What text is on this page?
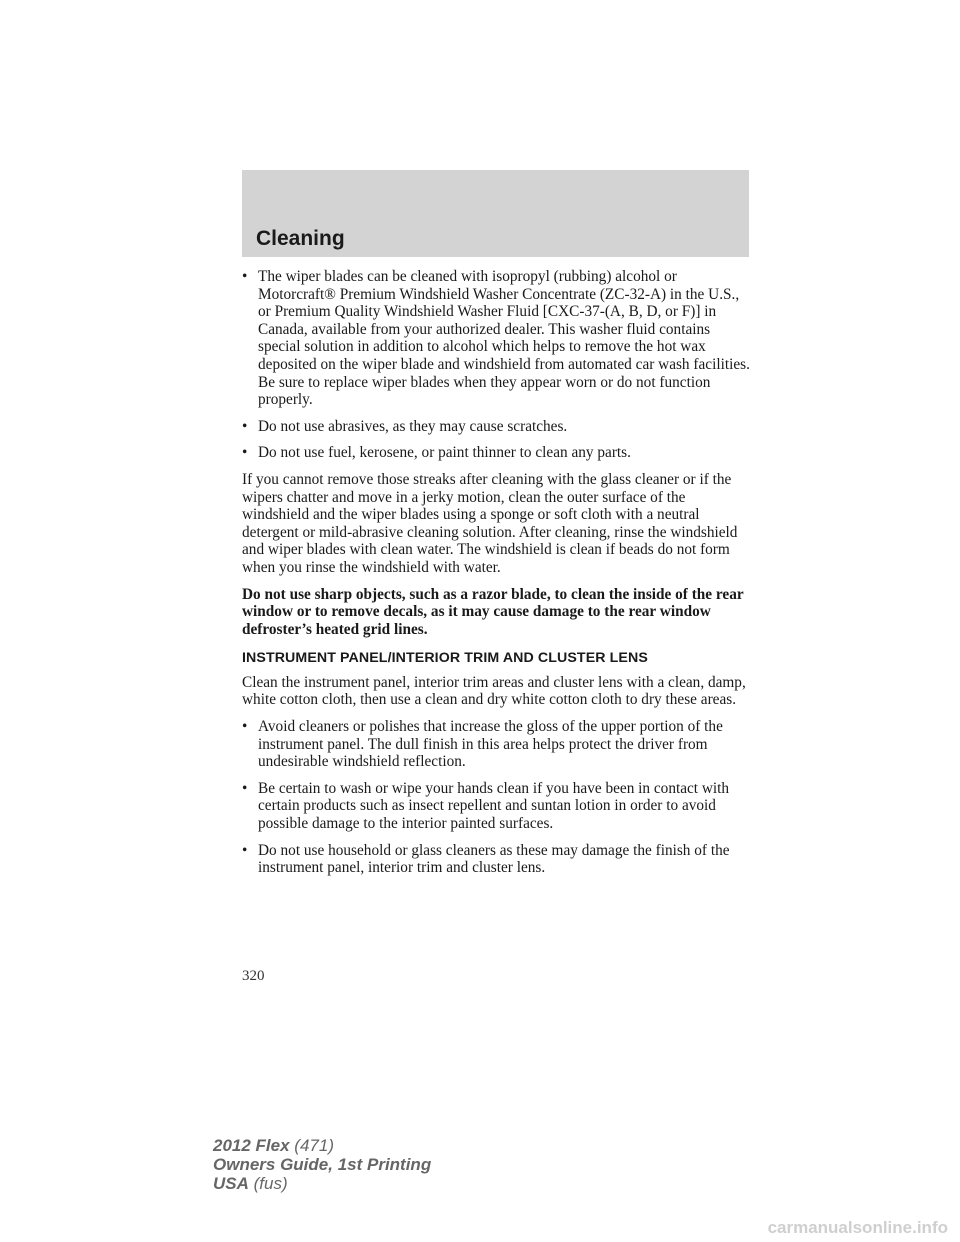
Cleaning
• The wiper blades can be cleaned with isopropyl (rubbing) alcohol or Motorcraft® Premium Windshield Washer Concentrate (ZC-32-A) in the U.S., or Premium Quality Windshield Washer Fluid [CXC-37-(A, B, D, or F)] in Canada, available from your authorized dealer. This washer fluid contains special solution in addition to alcohol which helps to remove the hot wax deposited on the wiper blade and windshield from automated car wash facilities. Be sure to replace wiper blades when they appear worn or do not function properly.
• Do not use abrasives, as they may cause scratches.
• Do not use fuel, kerosene, or paint thinner to clean any parts.

If you cannot remove those streaks after cleaning with the glass cleaner or if the wipers chatter and move in a jerky motion, clean the outer surface of the windshield and the wiper blades using a sponge or soft cloth with a neutral detergent or mild-abrasive cleaning solution. After cleaning, rinse the windshield and wiper blades with clean water. The windshield is clean if beads do not form when you rinse the windshield with water.

Do not use sharp objects, such as a razor blade, to clean the inside of the rear window or to remove decals, as it may cause damage to the rear window defroster’s heated grid lines.

INSTRUMENT PANEL/INTERIOR TRIM AND CLUSTER LENS

Clean the instrument panel, interior trim areas and cluster lens with a clean, damp, white cotton cloth, then use a clean and dry white cotton cloth to dry these areas.

• Avoid cleaners or polishes that increase the gloss of the upper portion of the instrument panel. The dull finish in this area helps protect the driver from undesirable windshield reflection.
• Be certain to wash or wipe your hands clean if you have been in contact with certain products such as insect repellent and suntan lotion in order to avoid possible damage to the interior painted surfaces.
• Do not use household or glass cleaners as these may damage the finish of the instrument panel, interior trim and cluster lens.
320
2012 Flex (471)
Owners Guide, 1st Printing
USA (fus)
carmanualsonline.info
